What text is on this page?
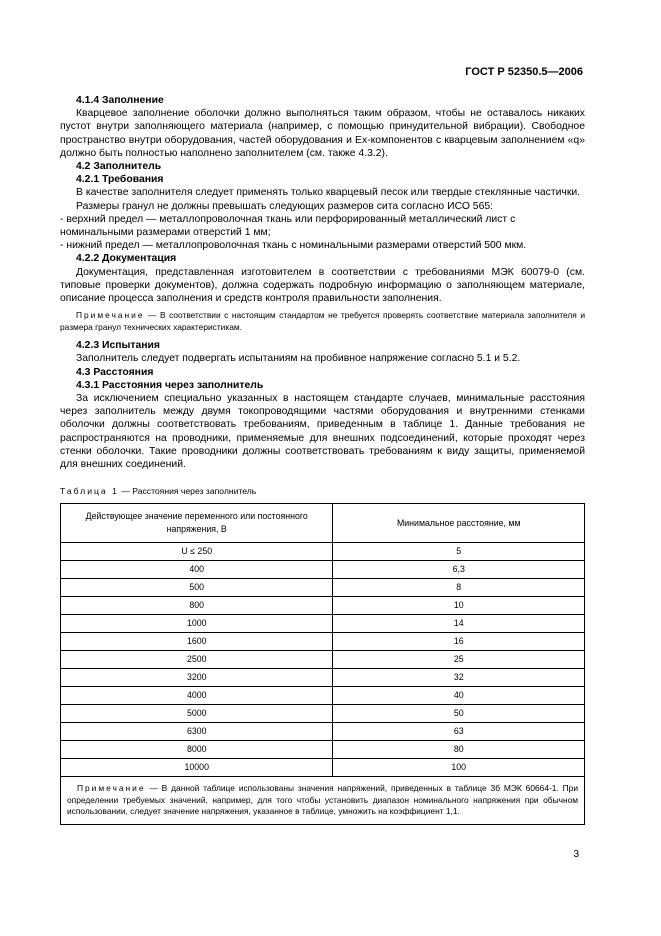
ГОСТ Р 52350.5—2006
4.1.4 Заполнение

Кварцевое заполнение оболочки должно выполняться таким образом, чтобы не оставалось никаких пустот внутри заполняющего материала (например, с помощью принудительной вибрации). Свободное пространство внутри оборудования, частей оборудования и Ex-компонентов с кварцевым заполнением «q» должно быть полностью наполнено заполнителем (см. также 4.3.2).

4.2 Заполнитель
4.2.1 Требования

В качестве заполнителя следует применять только кварцевый песок или твердые стеклянные частички.

Размеры гранул не должны превышать следующих размеров сита согласно ИСО 565:

- верхний предел — металлопроволочная ткань или перфорированный металлический лист с номинальными размерами отверстий 1 мм;

- нижний предел — металлопроволочная ткань с номинальными размерами отверстий 500 мкм.

4.2.2 Документация

Документация, представленная изготовителем в соответствии с требованиями МЭК 60079-0 (см. типовые проверки документов), должна содержать подробную информацию о заполняющем материале, описание процесса заполнения и средств контроля правильности заполнения.

Примечание — В соответствии с настоящим стандартом не требуется проверять соответствие материала заполнителя и размера гранул технических характеристикам.

4.2.3 Испытания

Заполнитель следует подвергать испытаниям на пробивное напряжение согласно 5.1 и 5.2.

4.3 Расстояния
4.3.1 Расстояния через заполнитель

За исключением специально указанных в настоящем стандарте случаев, минимальные расстояния через заполнитель между двумя токопроводящими частями оборудования и внутренними стенками оболочки должны соответствовать требованиям, приведенным в таблице 1. Данные требования не распространяются на проводники, применяемые для внешних подсоединений, которые проходят через стенки оболочки. Такие проводники должны соответствовать требованиям к виду защиты, применяемой для внешних соединений.

Таблица 1 — Расстояния через заполнитель
Действующее значение переменного или постоянного напряжения, В	Минимальное расстояние, мм
U ≤ 250	5
400	6,3
500	8
800	10
1000	14
1600	16
2500	25
3200	32
4000	40
5000	50
6300	63
8000	80
10000	100
Примечание — В данной таблице использованы значения напряжений, приведенных в таблице 3б МЭК 60664-1. При определении требуемых значений, например, для того чтобы установить диапазон номинального напряжения при обычном использовании, следует значение напряжения, указанное в таблице, умножить на коэффициент 1,1.
3
